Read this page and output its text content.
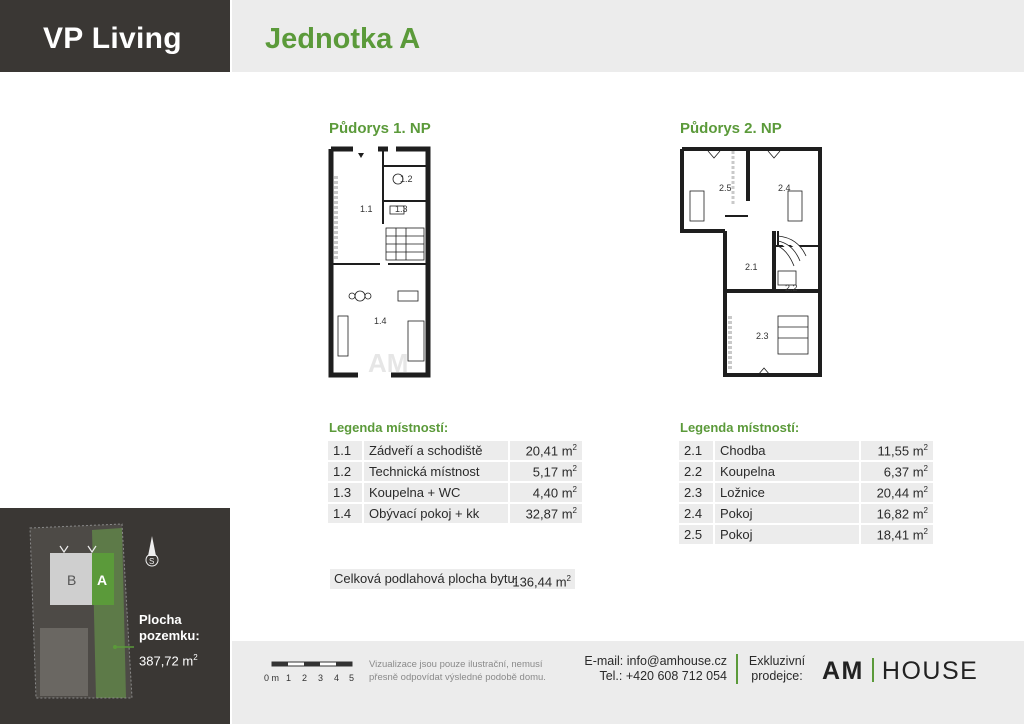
VP Living	Jednotka A
Půdorys 1. NP
1.2
1.1 1.3
1.4
AM
Půdorys 2. NP
2.5	2.4
2.1
2.2
2.3
Legenda místností:
1.1	Zádveří a schodiště	20,41 $m^2$
1.2	Technická místnost	5,17 $m^2$
1.3	Koupelna + WC	4,40 $m^2$
1.4	Obývací pokoj + kk	32,87 $m^2$
Legenda místností:
2.1	Chodba	11,55 $m^2$
2.2	Koupelna	6,37 $m^2$
2.3	Ložnice	20,44 $m^2$
2.4	Pokoj	16,82 $m^2$
2.5	Pokoj	18,41 $m^2$
Celková podlahová plocha bytu:
136,44 $m^2$
S
B A
Plocha
pozemku:
387,72 $m^2$
0 m 1 2 3 4 5
Vizualizace jsou pouze ilustrační, nemusí přesně odpovídat výsledné podobě domu.
E-mail: info@amhouse.cz
Tel.: +420 608 712 054
Exkluzivní
prodejce: AM HOUSE
